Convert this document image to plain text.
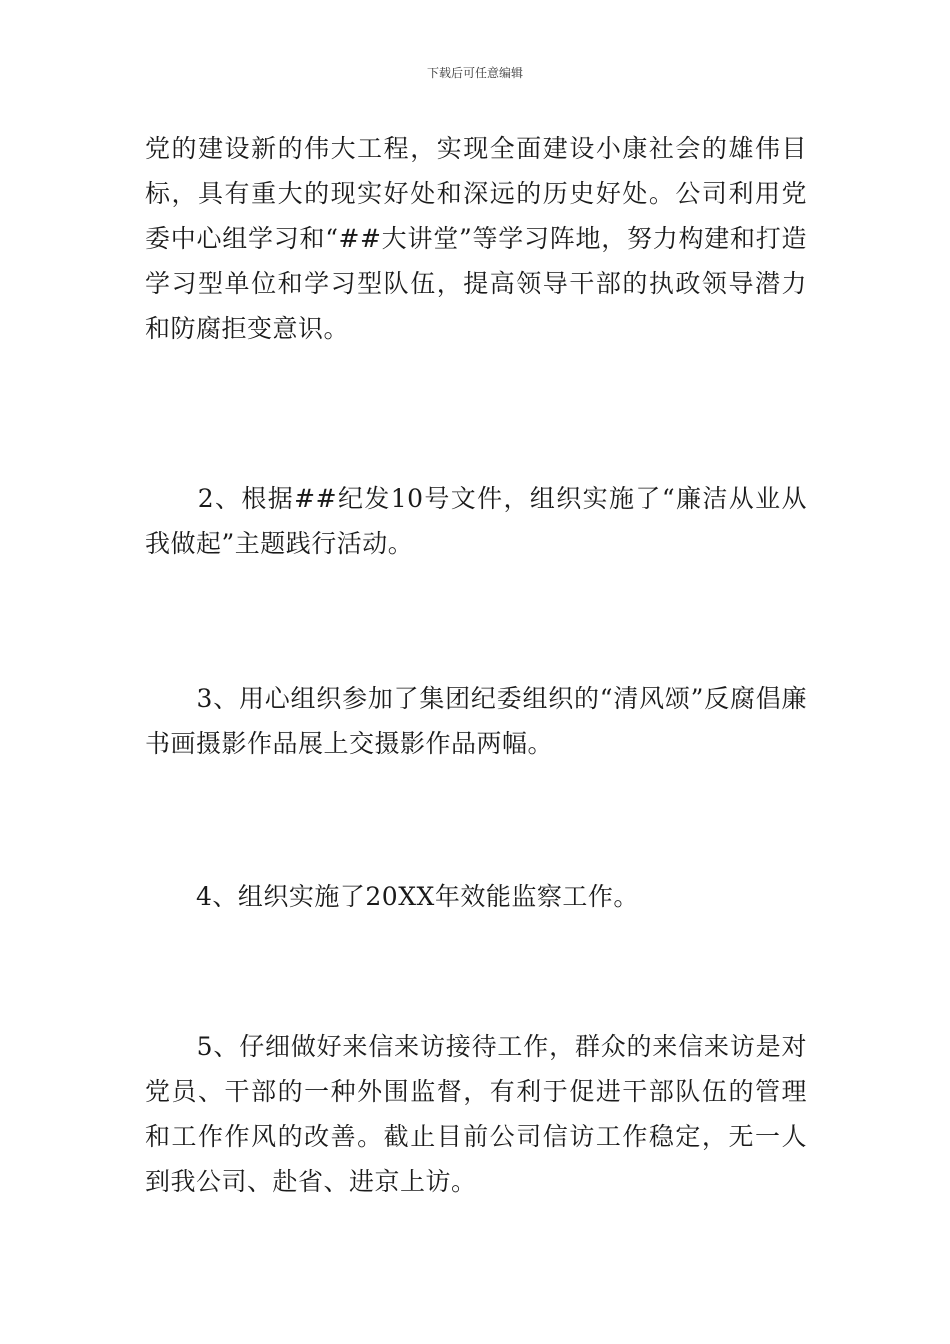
下载后可任意编辑

党的建设新的伟大工程，实现全面建设小康社会的雄伟目标，具有重大的现实好处和深远的历史好处。公司利用党委中心组学习和“##大讲堂”等学习阵地，努力构建和打造学习型单位和学习型队伍，提高领导干部的执政领导潜力和防腐拒变意识。

　　2、根据##纪发10号文件，组织实施了“廉洁从业从我做起”主题践行活动。

　　3、用心组织参加了集团纪委组织的“清风颂”反腐倡廉书画摄影作品展上交摄影作品两幅。

　　4、组织实施了20XX年效能监察工作。

　　5、仔细做好来信来访接待工作，群众的来信来访是对党员、干部的一种外围监督，有利于促进干部队伍的管理和工作作风的改善。截止目前公司信访工作稳定，无一人到我公司、赴省、进京上访。
